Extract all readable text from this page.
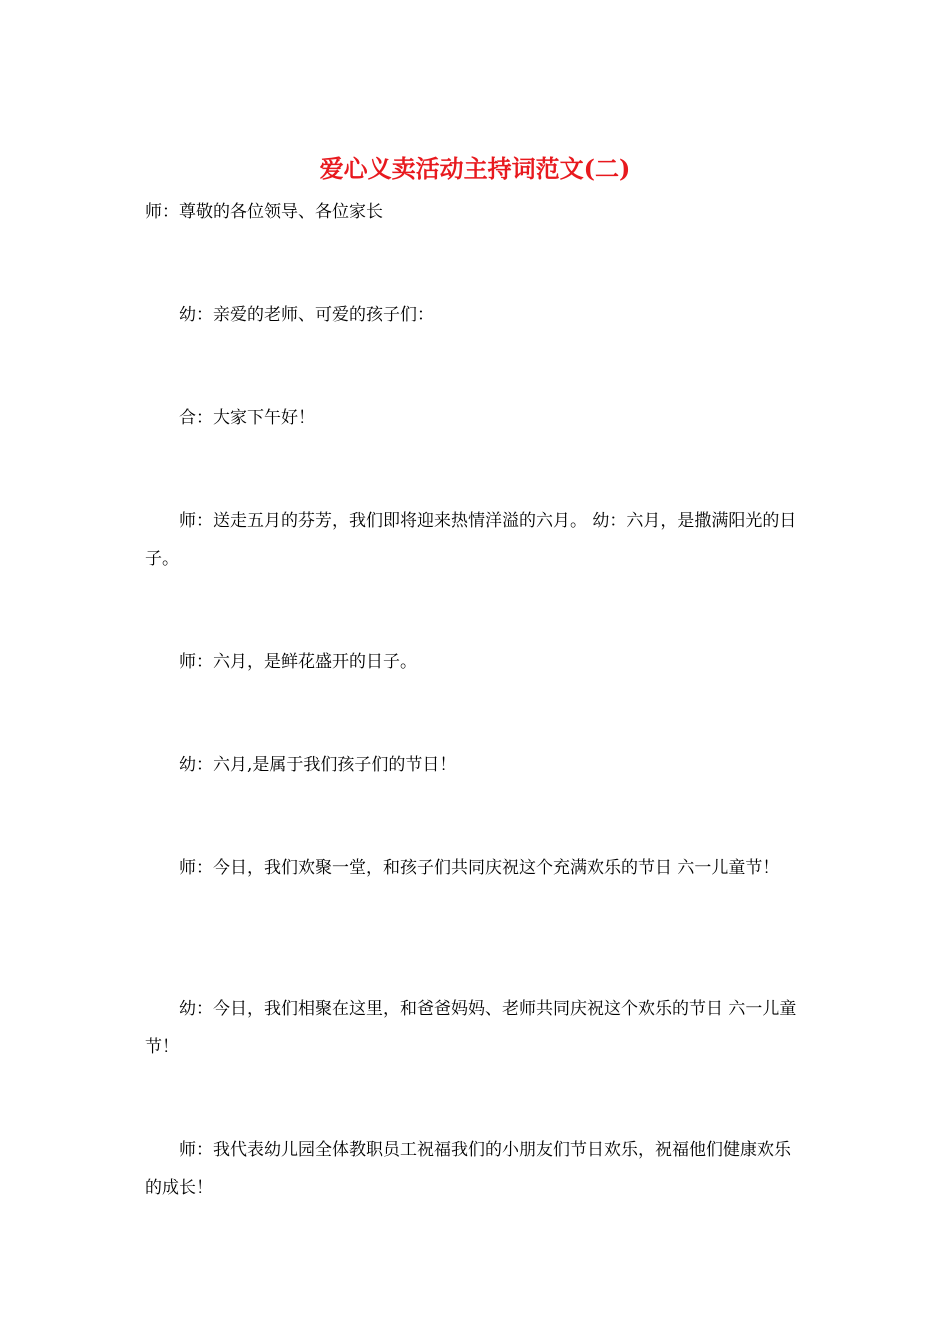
爱心义卖活动主持词范文(二)

师：尊敬的各位领导、各位家长

幼：亲爱的老师、可爱的孩子们：

合：大家下午好！

师：送走五月的芬芳，我们即将迎来热情洋溢的六月。 幼：六月，是撒满阳光的日子。

师：六月，是鲜花盛开的日子。

幼：六月,是属于我们孩子们的节日！

师：今日，我们欢聚一堂，和孩子们共同庆祝这个充满欢乐的节日 六一儿童节！

幼：今日，我们相聚在这里，和爸爸妈妈、老师共同庆祝这个欢乐的节日 六一儿童节！

师：我代表幼儿园全体教职员工祝福我们的小朋友们节日欢乐，祝福他们健康欢乐的成长！
